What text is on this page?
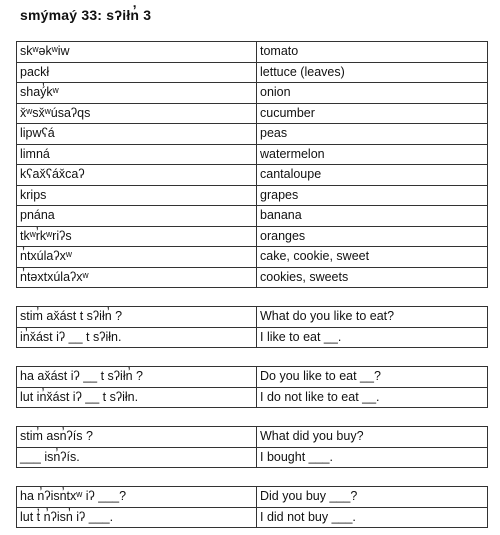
smýmaý 33: sʔiłn̓ 3
skʷəkʷiw	tomato
packł	lettuce (leaves)
shaý̓kʷ	onion
x̌ʷsx̌ʷúsaʔqs	cucumber
lipwʕá	peas
limná	watermelon
kʕax̌ʕáx̌caʔ	cantaloupe
krips	grapes
pnána	banana
tkʷr̓kʷriʔs	oranges
n̓txúlaʔxʷ	cake, cookie, sweet
n̓təxtxúlaʔxʷ	cookies, sweets
stim̓ ax̌ást t sʔiłn̓ ?	What do you like to eat?
in̓x̌ást iʔ __ t sʔiłn.	I like to eat __.
ha ax̌ást iʔ __ t sʔiłn̓ ?	Do you like to eat __?
lut in̓x̌ást iʔ __ t sʔiłn.	I do not like to eat __.
stim̓ asn̓ʔís ?	What did you buy?
___ isn̓ʔís.	I bought ___.
ha n̓ʔisn̓txʷ iʔ ___?	Did you buy ___?
lut t̓ n̓ʔisn̓ iʔ ___.	I did not buy ___.
